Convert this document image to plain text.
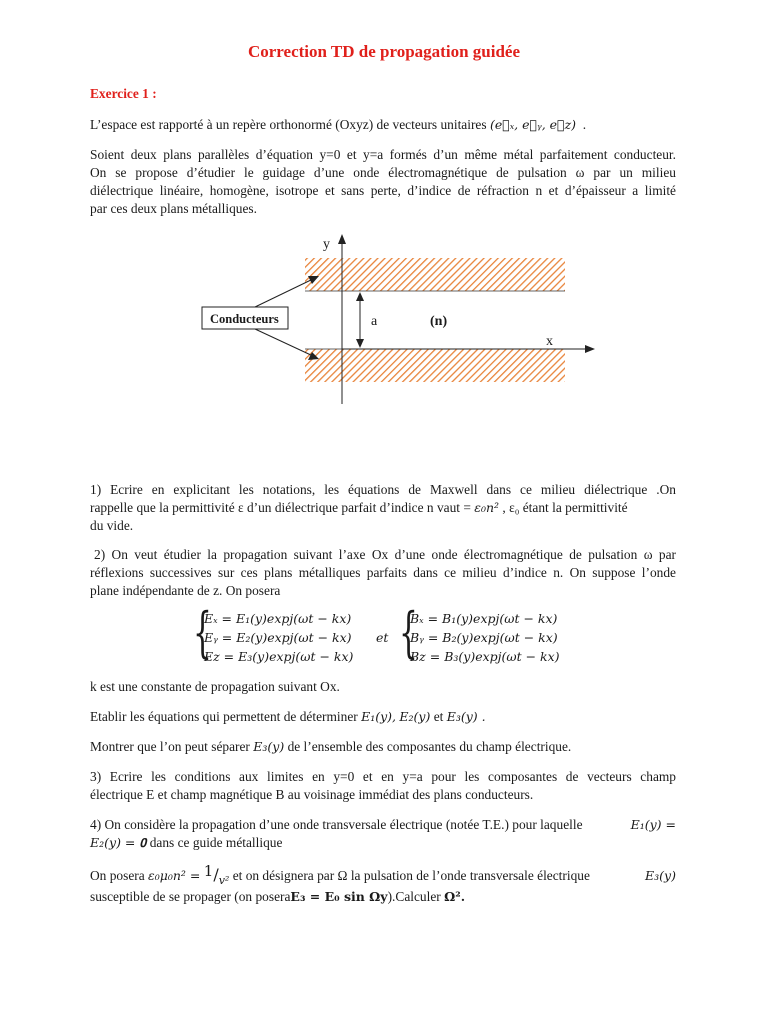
Correction TD de propagation guidée
Exercice 1 :
L’espace est rapporté à un repère orthonormé (Oxyz) de vecteurs unitaires (e⃗ₓ, e⃗ᵧ, e⃗z) .
Soient deux plans parallèles d’équation y=0 et y=a formés d’un même métal parfaitement conducteur.
On se propose d’étudier le guidage d’une onde électromagnétique de pulsation ω par un milieu
diélectrique linéaire, homogène, isotrope et sans perte, d’indice de réfraction n et d’épaisseur a limité
par ces deux plans métalliques.
y
x
a	(n)
Conducteurs
1) Ecrire en explicitant les notations, les équations de Maxwell dans ce milieu diélectrique .On
rappelle que la permittivité ε d’un diélectrique parfait d’indice n vaut = ε₀n² , ε₀ étant la permittivité
du vide.
2) On veut étudier la propagation suivant l’axe Ox d’une onde électromagnétique de pulsation ω par
réflexions successives sur ces plans métalliques parfaits dans ce milieu d’indice n. On suppose l’onde
plane indépendante de z. On posera
{
Eₓ = E₁(y)expj(ωt − kx)
Eᵧ = E₂(y)expj(ωt − kx)
Ez = E₃(y)expj(ωt − kx)
et {
Bₓ = B₁(y)expj(ωt − kx)
Bᵧ = B₂(y)expj(ωt − kx)
Bz = B₃(y)expj(ωt − kx)
k est une constante de propagation suivant Ox.
Etablir les équations qui permettent de déterminer E₁(y), E₂(y) et E₃(y) .
Montrer que l’on peut séparer E₃(y) de l’ensemble des composantes du champ électrique.
3) Ecrire les conditions aux limites en y=0 et en y=a pour les composantes de vecteurs champ
électrique E et champ magnétique B au voisinage immédiat des plans conducteurs.
4) On considère la propagation d’une onde transversale électrique (notée T.E.) pour laquelle	E₁(y) =
E₂(y) = 𝟎 dans ce guide métallique
On posera $\varepsilon_0\mu_0n^2 = 1/_{v^2}$ et on désignera par Ω la pulsation de l’onde transversale électrique	E₃(y)
susceptible de se propager (on poseraE₃ = E₀ sin Ωy).Calculer Ω².
